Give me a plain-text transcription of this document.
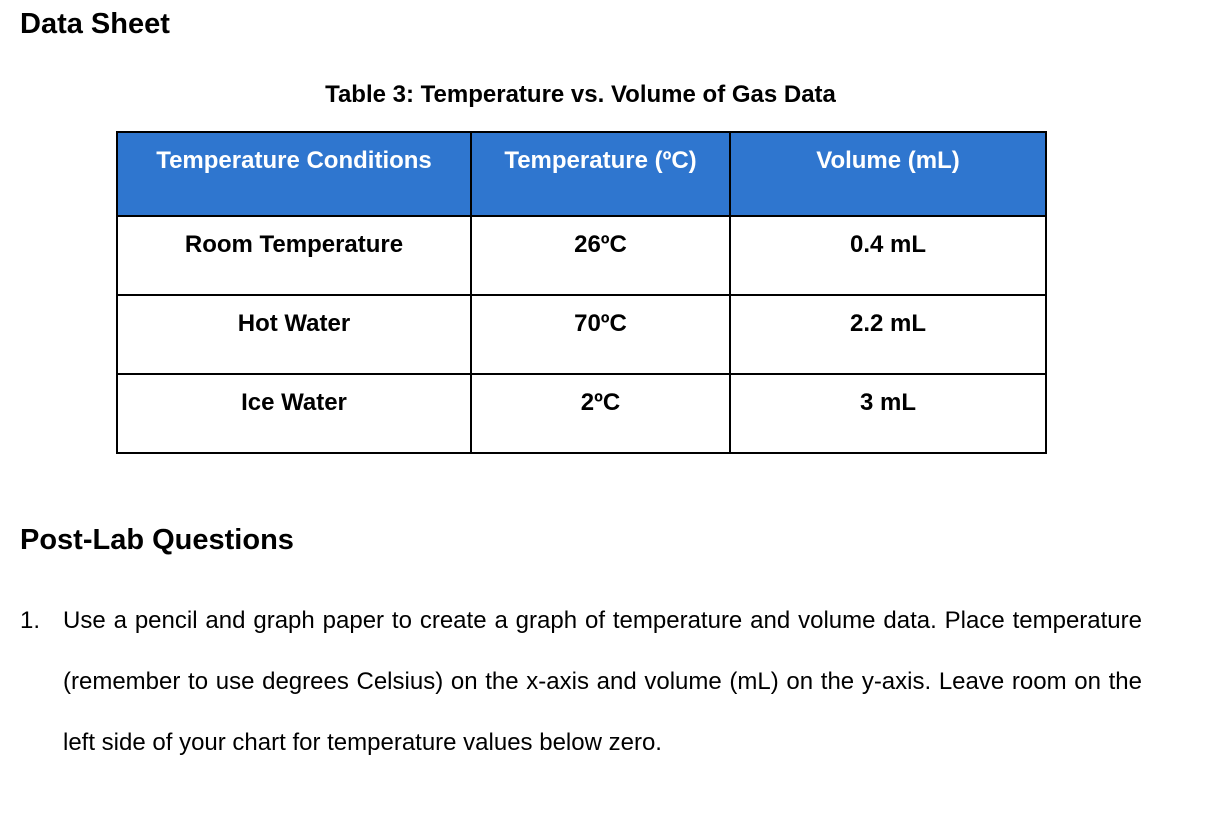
Data Sheet
Table 3: Temperature vs. Volume of Gas Data
Temperature Conditions	Temperature (ºC)	Volume (mL)
Room Temperature	26ºC	0.4 mL
Hot Water	70ºC	2.2 mL
Ice Water	2ºC	3 mL
Post-Lab Questions
1. Use a pencil and graph paper to create a graph of temperature and volume data. Place temperature (remember to use degrees Celsius) on the x-axis and volume (mL) on the y-axis. Leave room on the left side of your chart for temperature values below zero.
